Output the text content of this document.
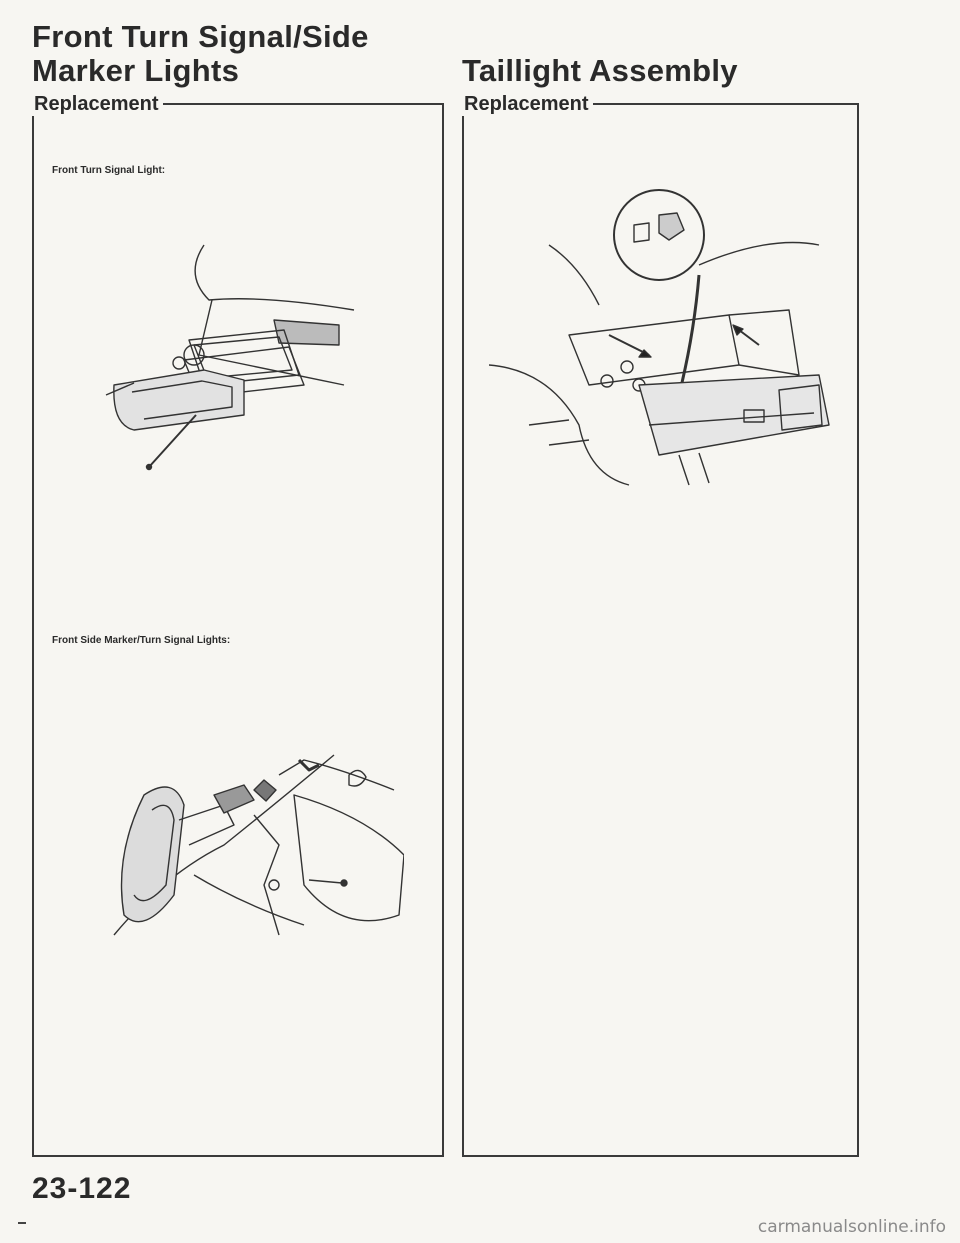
Front Turn Signal/Side
Marker Lights	Taillight Assembly
Replacement
Front Turn Signal Light:
Front Side Marker/Turn Signal Lights:
Replacement
23-122
carmanualsonline.info
